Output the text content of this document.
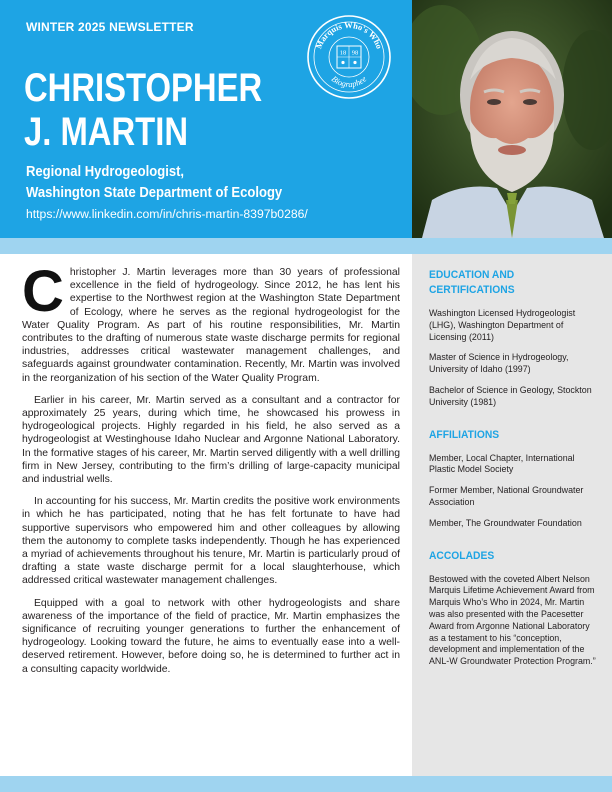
WINTER 2025 NEWSLETTER
CHRISTOPHER
J. MARTIN
Regional Hydrogeologist,
Washington State Department of Ecology
https://www.linkedin.com/in/chris-martin-8397b0286/
Marquis Who's Who
Biographee
18 98

Christopher J. Martin leverages more than 30 years of professional excellence in the field of hydrogeology. Since 2012, he has lent his expertise to the Northwest region at the Washington State Department of Ecology, where he serves as the regional hydrogeologist for the Water Quality Program. As part of his routine responsibilities, Mr. Martin contributes to the drafting of numerous state waste discharge permits for regional industries, addresses critical wastewater management challenges, and safeguards against groundwater contamination. Recently, Mr. Martin was involved in the reorganization of his section of the Water Quality Program.

Earlier in his career, Mr. Martin served as a consultant and a contractor for approximately 25 years, during which time, he showcased his prowess in hydrogeological projects. Highly regarded in his field, he also served as a hydrogeologist at Westinghouse Idaho Nuclear and Argonne National Laboratory. In the formative stages of his career, Mr. Martin served diligently with a well drilling firm in New Jersey, contributing to the firm’s drilling of large-capacity municipal and industrial wells.

In accounting for his success, Mr. Martin credits the positive work environments in which he has participated, noting that he has felt fortunate to have had supportive supervisors who empowered him and other colleagues by allowing them the autonomy to complete tasks independently. Though he has experienced a myriad of achievements throughout his tenure, Mr. Martin is particularly proud of drafting a state waste discharge permit for a local slaughterhouse, which addressed critical wastewater management challenges.

Equipped with a goal to network with other hydrogeologists and share awareness of the importance of the field of practice, Mr. Martin emphasizes the significance of recruiting younger generations to further the enhancement of hydrogeology. Looking toward the future, he aims to eventually ease into a well-deserved retirement. However, before doing so, he is determined to further act in a consulting capacity worldwide.

EDUCATION AND
CERTIFICATIONS
Washington Licensed Hydrogeologist (LHG), Washington Department of Licensing (2011)
Master of Science in Hydrogeology, University of Idaho (1997)
Bachelor of Science in Geology, Stockton University (1981)
AFFILIATIONS
Member, Local Chapter, International Plastic Model Society
Former Member, National Groundwater Association
Member, The Groundwater Foundation
ACCOLADES
Bestowed with the coveted Albert Nelson Marquis Lifetime Achievement Award from Marquis Who’s Who in 2024, Mr. Martin was also presented with the Pacesetter Award from Argonne National Laboratory as a testament to his “conception, development and implementation of the ANL-W Groundwater Protection Program.”
